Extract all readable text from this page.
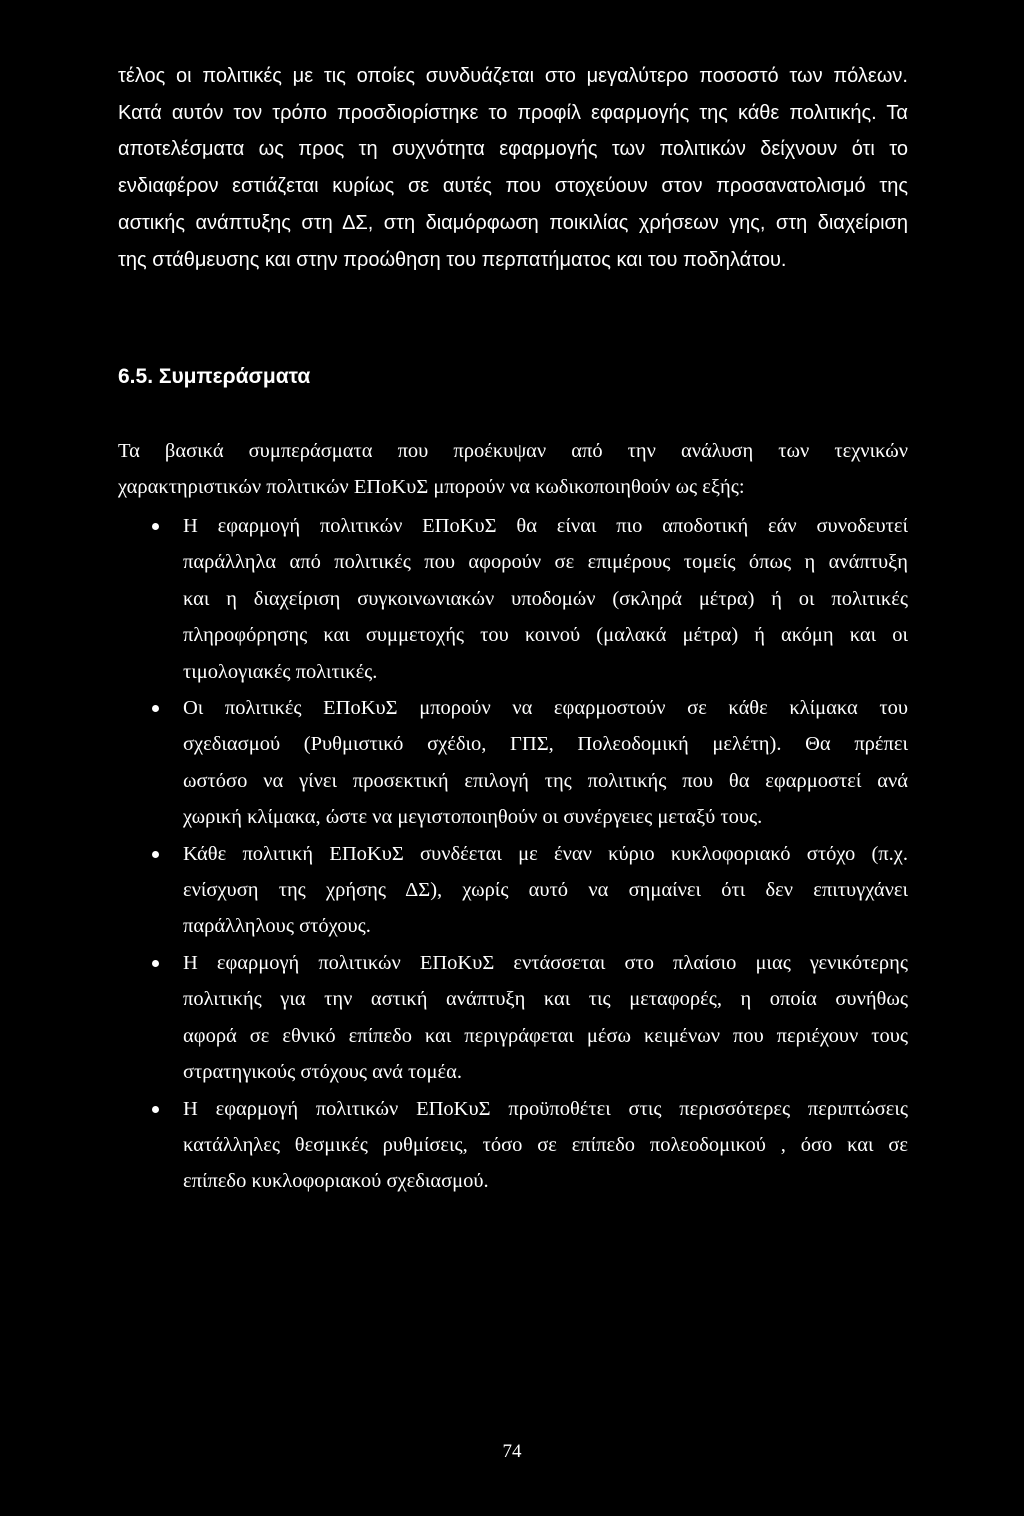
τέλος οι πολιτικές με τις οποίες συνδυάζεται στο μεγαλύτερο ποσοστό των πόλεων.
Κατά αυτόν τον τρόπο προσδιορίστηκε το προφίλ εφαρμογής της κάθε πολιτικής. Τα
αποτελέσματα ως προς τη συχνότητα εφαρμογής των πολιτικών δείχνουν ότι το
ενδιαφέρον εστιάζεται κυρίως σε αυτές που στοχεύουν στον προσανατολισμό της
αστικής ανάπτυξης στη ΔΣ, στη διαμόρφωση ποικιλίας χρήσεων γης, στη διαχείριση
της στάθμευσης και στην προώθηση του περπατήματος και του ποδηλάτου.
6.5. Συμπεράσματα
Τα βασικά συμπεράσματα που προέκυψαν από την ανάλυση των τεχνικών
χαρακτηριστικών πολιτικών ΕΠοΚυΣ μπορούν να κωδικοποιηθούν ως εξής:
Η εφαρμογή πολιτικών ΕΠοΚυΣ θα είναι πιο αποδοτική εάν συνοδευτεί
παράλληλα από πολιτικές που αφορούν σε επιμέρους τομείς όπως η ανάπτυξη
και η διαχείριση συγκοινωνιακών υποδομών (σκληρά μέτρα) ή οι πολιτικές
πληροφόρησης και συμμετοχής του κοινού (μαλακά μέτρα) ή ακόμη και οι
τιμολογιακές πολιτικές.
Οι πολιτικές ΕΠοΚυΣ μπορούν να εφαρμοστούν σε κάθε κλίμακα του
σχεδιασμού (Ρυθμιστικό σχέδιο, ΓΠΣ, Πολεοδομική μελέτη). Θα πρέπει
ωστόσο να γίνει προσεκτική επιλογή της πολιτικής που θα εφαρμοστεί ανά
χωρική κλίμακα, ώστε να μεγιστοποιηθούν οι συνέργειες μεταξύ τους.
Κάθε πολιτική ΕΠοΚυΣ συνδέεται με έναν κύριο κυκλοφοριακό στόχο (π.χ.
ενίσχυση της χρήσης ΔΣ), χωρίς αυτό να σημαίνει ότι δεν επιτυγχάνει
παράλληλους στόχους.
Η εφαρμογή πολιτικών ΕΠοΚυΣ εντάσσεται στο πλαίσιο μιας γενικότερης
πολιτικής για την αστική ανάπτυξη και τις μεταφορές, η οποία συνήθως
αφορά σε εθνικό επίπεδο και περιγράφεται μέσω κειμένων που περιέχουν τους
στρατηγικούς στόχους ανά τομέα.
Η εφαρμογή πολιτικών ΕΠοΚυΣ προϋποθέτει στις περισσότερες περιπτώσεις
κατάλληλες θεσμικές ρυθμίσεις, τόσο σε επίπεδο πολεοδομικού , όσο και σε
επίπεδο κυκλοφοριακού σχεδιασμού.
74
